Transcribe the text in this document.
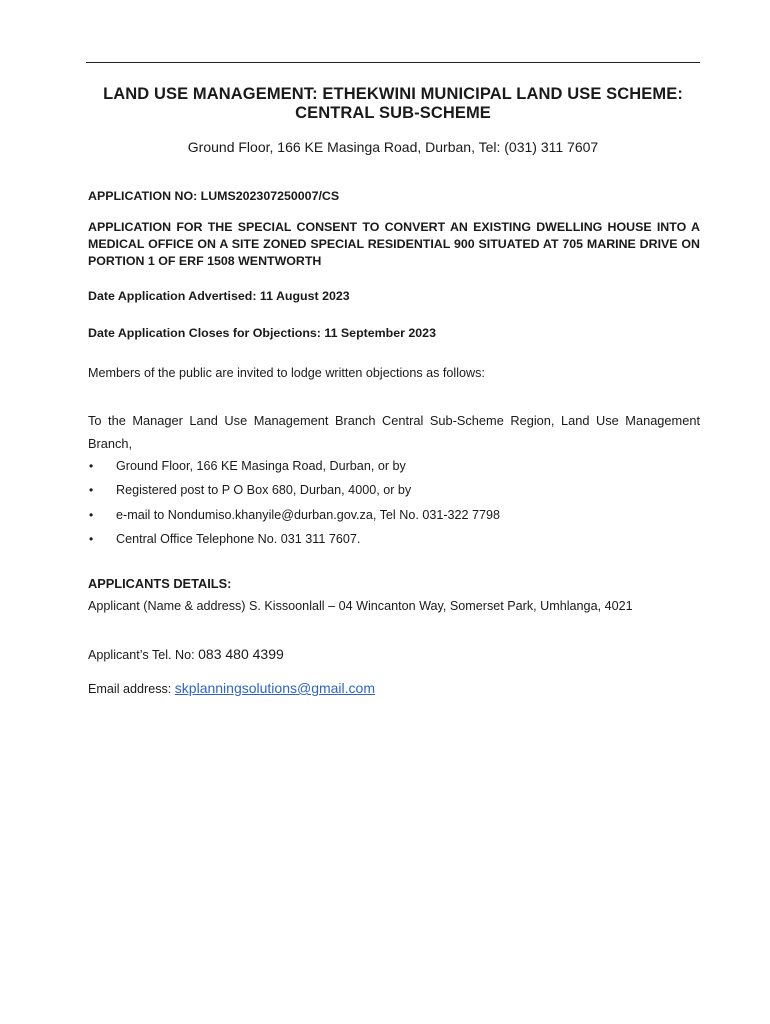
LAND USE MANAGEMENT: ETHEKWINI MUNICIPAL LAND USE SCHEME: CENTRAL SUB-SCHEME
Ground Floor, 166 KE Masinga Road, Durban, Tel: (031) 311 7607
APPLICATION NO: LUMS202307250007/CS
APPLICATION FOR THE SPECIAL CONSENT TO CONVERT AN EXISTING DWELLING HOUSE INTO A MEDICAL OFFICE ON A SITE ZONED SPECIAL RESIDENTIAL 900 SITUATED AT 705 MARINE DRIVE ON PORTION 1 OF ERF 1508 WENTWORTH
Date Application Advertised: 11 August 2023
Date Application Closes for Objections: 11 September 2023
Members of the public are invited to lodge written objections as follows:
To the Manager Land Use Management Branch Central Sub-Scheme Region, Land Use Management Branch,
• Ground Floor, 166 KE Masinga Road, Durban, or by
• Registered post to P O Box 680, Durban, 4000, or by
• e-mail to Nondumiso.khanyile@durban.gov.za, Tel No. 031-322 7798
• Central Office Telephone No. 031 311 7607.
APPLICANTS DETAILS:
Applicant (Name & address) S. Kissoonlall – 04 Wincanton Way, Somerset Park, Umhlanga, 4021
Applicant’s Tel. No: 083 480 4399
Email address: skplanningsolutions@gmail.com
